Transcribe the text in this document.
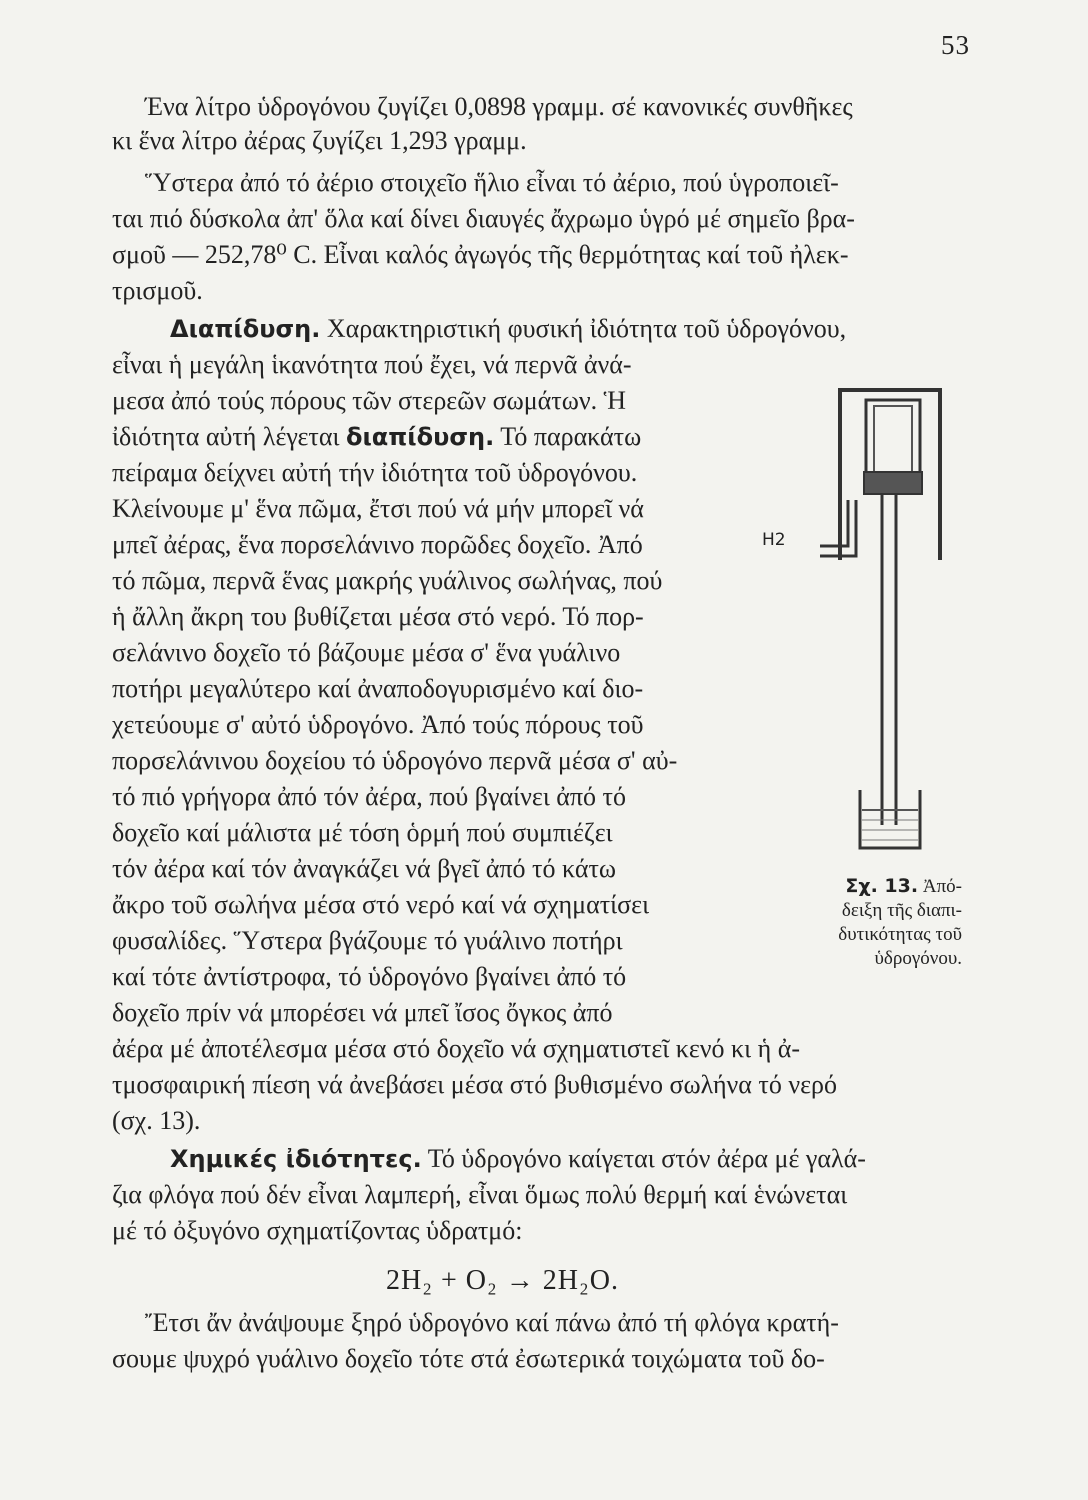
53
Ένα λίτρο ὑδρογόνου ζυγίζει 0,0898 γραμμ. σέ κανονικές συνθῆκες
κι ἕνα λίτρο ἀέρας ζυγίζει 1,293 γραμμ.
Ὕστερα ἀπό τό ἀέριο στοιχεῖο ἥλιο εἶναι τό ἀέριο, πού ὑγροποιεῖ-
ται πιό δύσκολα ἀπ' ὅλα καί δίνει διαυγές ἄχρωμο ὑγρό μέ σημεῖο βρα-
σμοῦ — 252,78⁰ C. Εἶναι καλός ἀγωγός τῆς θερμότητας καί τοῦ ἠλεκ-
τρισμοῦ.
Διαπίδυση. Χαρακτηριστική φυσική ἰδιότητα τοῦ ὑδρογόνου,
εἶναι ἡ μεγάλη ἱκανότητα πού ἔχει, νά περνᾶ ἀνά-
μεσα ἀπό τούς πόρους τῶν στερεῶν σωμάτων. Ἡ
ἰδιότητα αὐτή λέγεται διαπίδυση. Τό παρακάτω
πείραμα δείχνει αὐτή τήν ἰδιότητα τοῦ ὑδρογόνου.
Κλείνουμε μ' ἕνα πῶμα, ἔτσι πού νά μήν μπορεῖ νά
μπεῖ ἀέρας, ἕνα πορσελάνινο πορῶδες δοχεῖο. Ἀπό
τό πῶμα, περνᾶ ἕνας μακρής γυάλινος σωλήνας, πού
ἡ ἄλλη ἄκρη του βυθίζεται μέσα στό νερό. Τό πορ-
σελάνινο δοχεῖο τό βάζουμε μέσα σ' ἕνα γυάλινο
ποτήρι μεγαλύτερο καί ἀναποδογυρισμένο καί διο-
χετεύουμε σ' αὐτό ὑδρογόνο. Ἀπό τούς πόρους τοῦ
πορσελάνινου δοχείου τό ὑδρογόνο περνᾶ μέσα σ' αὐ-
τό πιό γρήγορα ἀπό τόν ἀέρα, πού βγαίνει ἀπό τό
δοχεῖο καί μάλιστα μέ τόση ὁρμή πού συμπιέζει
τόν ἀέρα καί τόν ἀναγκάζει νά βγεῖ ἀπό τό κάτω
ἄκρο τοῦ σωλήνα μέσα στό νερό καί νά σχηματίσει
φυσαλίδες. Ὕστερα βγάζουμε τό γυάλινο ποτήρι
καί τότε ἀντίστροφα, τό ὑδρογόνο βγαίνει ἀπό τό
δοχεῖο πρίν νά μπορέσει νά μπεῖ ἴσος ὄγκος ἀπό
ἀέρα μέ ἀποτέλεσμα μέσα στό δοχεῖο νά σχηματιστεῖ κενό κι ἡ ἀ-
τμοσφαιρική πίεση νά ἀνεβάσει μέσα στό βυθισμένο σωλήνα τό νερό
(σχ. 13).
H2
Σχ. 13. Ἀπό-
δειξη τῆς διαπι-
δυτικότητας τοῦ
ὑδρογόνου.
Χημικές ἰδιότητες. Τό ὑδρογόνο καίγεται στόν ἀέρα μέ γαλά-
ζια φλόγα πού δέν εἶναι λαμπερή, εἶναι ὅμως πολύ θερμή καί ἑνώνεται
μέ τό ὀξυγόνο σχηματίζοντας ὑδρατμό:
2H₂ + O₂ → 2H₂O.
Ἔτσι ἄν ἀνάψουμε ξηρό ὑδρογόνο καί πάνω ἀπό τή φλόγα κρατή-
σουμε ψυχρό γυάλινο δοχεῖο τότε στά ἐσωτερικά τοιχώματα τοῦ δο-
